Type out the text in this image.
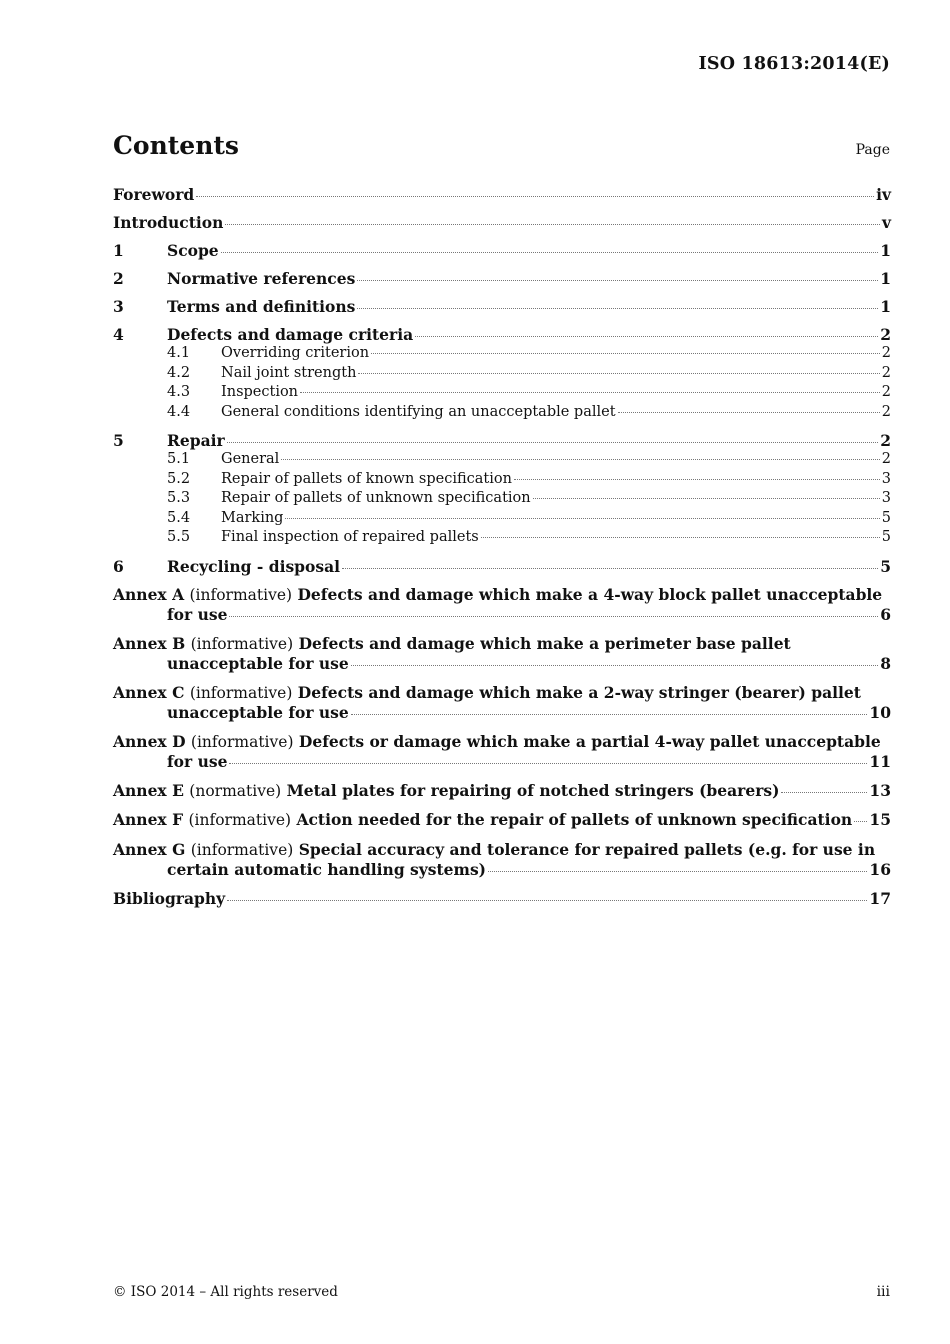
ISO 18613:2014(E)
Contents	Page
Foreword	iv
Introduction	v
1	Scope	1
2	Normative references	1
3	Terms and definitions	1
4	Defects and damage criteria	2
4.1	Overriding criterion	2
4.2	Nail joint strength	2
4.3	Inspection	2
4.4	General conditions identifying an unacceptable pallet	2
5	Repair	2
5.1	General	2
5.2	Repair of pallets of known specification	3
5.3	Repair of pallets of unknown specification	3
5.4	Marking	5
5.5	Final inspection of repaired pallets	5
6	Recycling - disposal	5
Annex A (informative) Defects and damage which make a 4-way block pallet unacceptable
for use	6
Annex B (informative) Defects and damage which make a perimeter base pallet
unacceptable for use	8
Annex C (informative) Defects and damage which make a 2-way stringer (bearer) pallet
unacceptable for use	10
Annex D (informative) Defects or damage which make a partial 4-way pallet unacceptable
for use	11
Annex E (normative) Metal plates for repairing of notched stringers (bearers)	13
Annex F (informative) Action needed for the repair of pallets of unknown specification 15
Annex G (informative) Special accuracy and tolerance for repaired pallets (e.g. for use in
certain automatic handling systems)	16
Bibliography	17
© ISO 2014 – All rights reserved	iii
